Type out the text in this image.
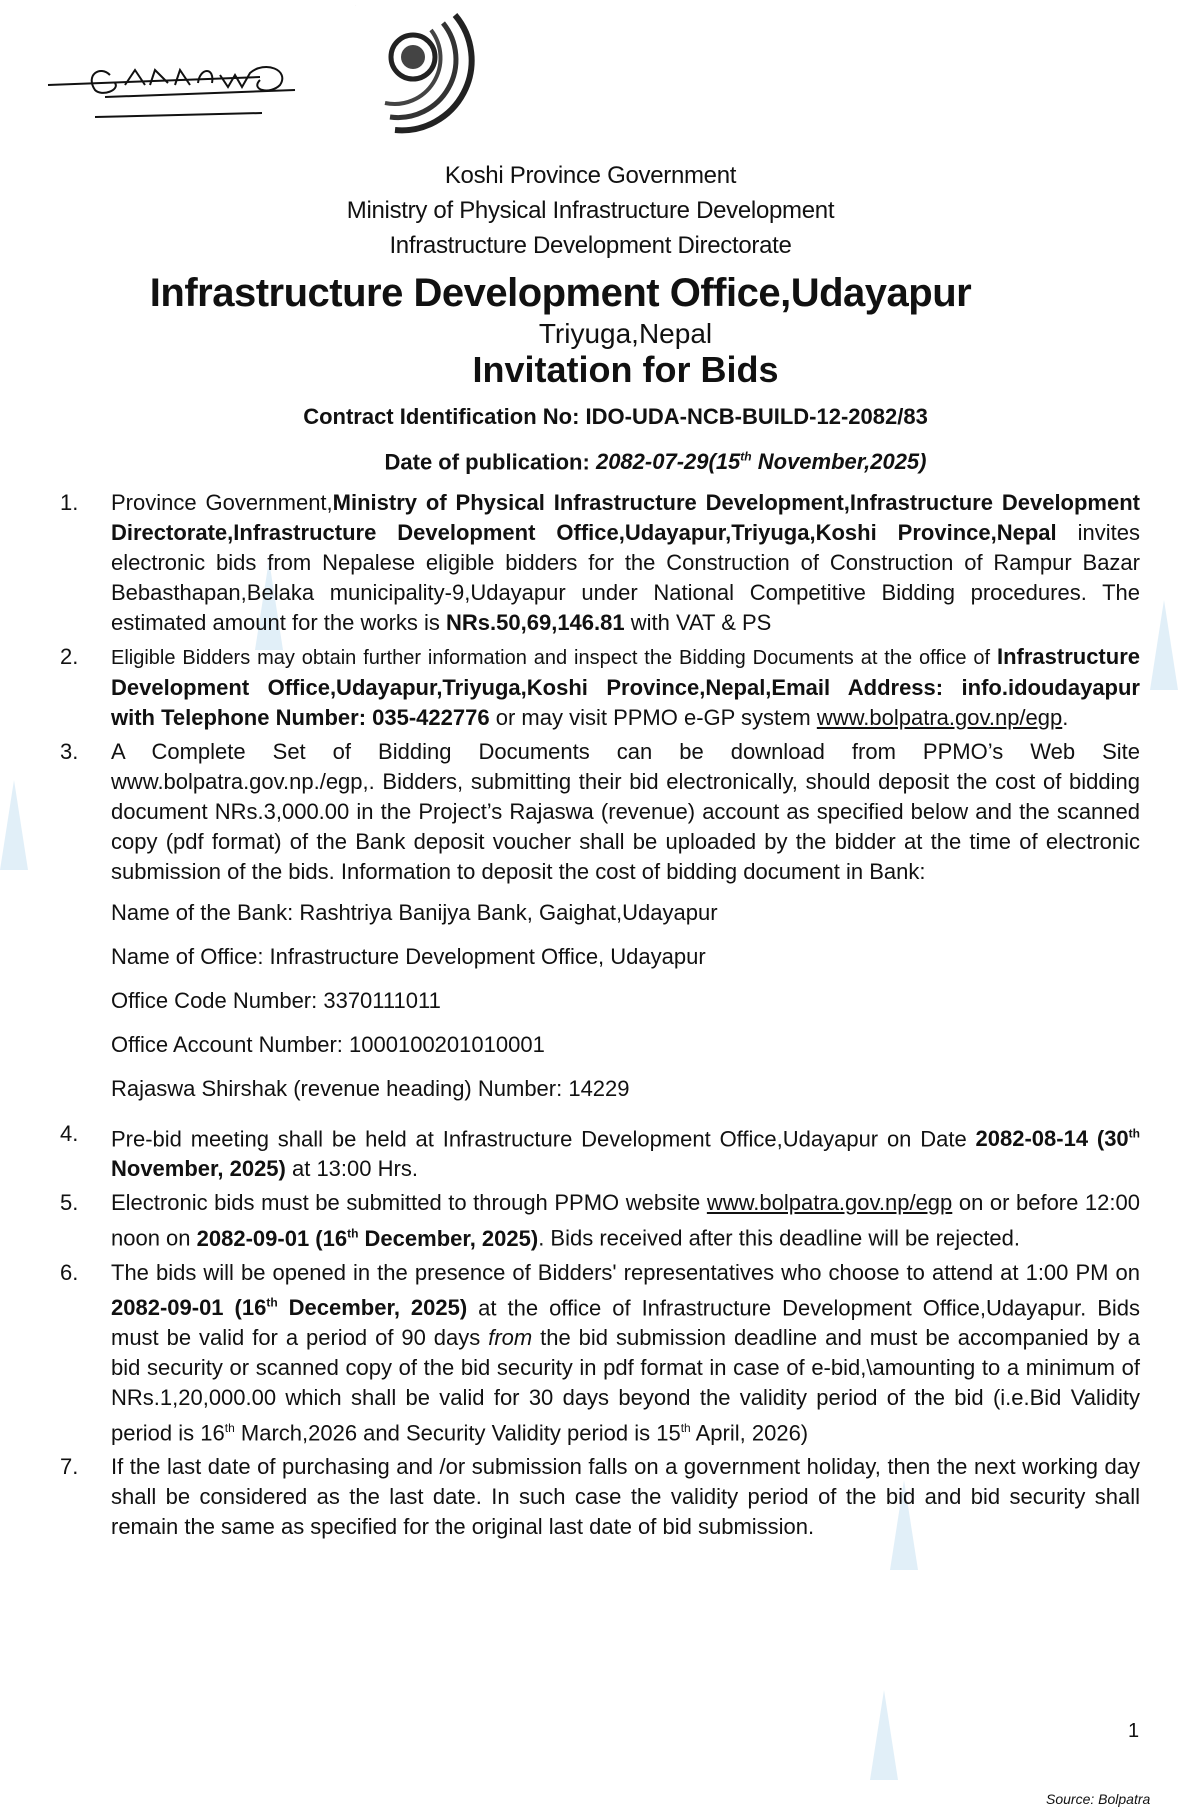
Koshi Province Government
Ministry of Physical Infrastructure Development
Infrastructure Development Directorate
Infrastructure Development Office,Udayapur
Triyuga,Nepal
Invitation for Bids
Contract Identification No: IDO-UDA-NCB-BUILD-12-2082/83
Date of publication: 2082-07-29(15th November,2025)
1.	Province Government,Ministry of Physical Infrastructure Development,Infrastructure Development Directorate,Infrastructure Development Office,Udayapur,Triyuga,Koshi Province,Nepal invites electronic bids from Nepalese eligible bidders for the Construction of Construction of Rampur Bazar Bebasthapan,Belaka municipality-9,Udayapur under National Competitive Bidding procedures. The estimated amount for the works is NRs.50,69,146.81 with VAT & PS
2.	Eligible Bidders may obtain further information and inspect the Bidding Documents at the office of Infrastructure Development Office,Udayapur,Triyuga,Koshi Province,Nepal,Email Address: info.idoudayapur with Telephone Number: 035-422776 or may visit PPMO e-GP system www.bolpatra.gov.np/egp.
3.	A Complete Set of Bidding Documents can be download from PPMO’s Web Site www.bolpatra.gov.np./egp,. Bidders, submitting their bid electronically, should deposit the cost of bidding document NRs.3,000.00 in the Project’s Rajaswa (revenue) account as specified below and the scanned copy (pdf format) of the Bank deposit voucher shall be uploaded by the bidder at the time of electronic submission of the bids. Information to deposit the cost of bidding document in Bank:
Name of the Bank: Rashtriya Banijya Bank, Gaighat,Udayapur
Name of Office: Infrastructure Development Office, Udayapur
Office Code Number: 3370111011
Office Account Number: 1000100201010001
Rajaswa Shirshak (revenue heading) Number: 14229
4.	Pre-bid meeting shall be held at Infrastructure Development Office,Udayapur on Date 2082-08-14 (30th November, 2025) at 13:00 Hrs.
5.	Electronic bids must be submitted to through PPMO website www.bolpatra.gov.np/egp on or before 12:00 noon on 2082-09-01 (16th December, 2025). Bids received after this deadline will be rejected.
6.	The bids will be opened in the presence of Bidders' representatives who choose to attend at 1:00 PM on 2082-09-01 (16th December, 2025) at the office of Infrastructure Development Office,Udayapur. Bids must be valid for a period of 90 days from the bid submission deadline and must be accompanied by a bid security or scanned copy of the bid security in pdf format in case of e-bid,\amounting to a minimum of NRs.1,20,000.00 which shall be valid for 30 days beyond the validity period of the bid (i.e.Bid Validity period is 16th March,2026 and Security Validity period is 15th April, 2026)
7.	If the last date of purchasing and /or submission falls on a government holiday, then the next working day shall be considered as the last date. In such case the validity period of the bid and bid security shall remain the same as specified for the original last date of bid submission.
1
Source: Bolpatra
